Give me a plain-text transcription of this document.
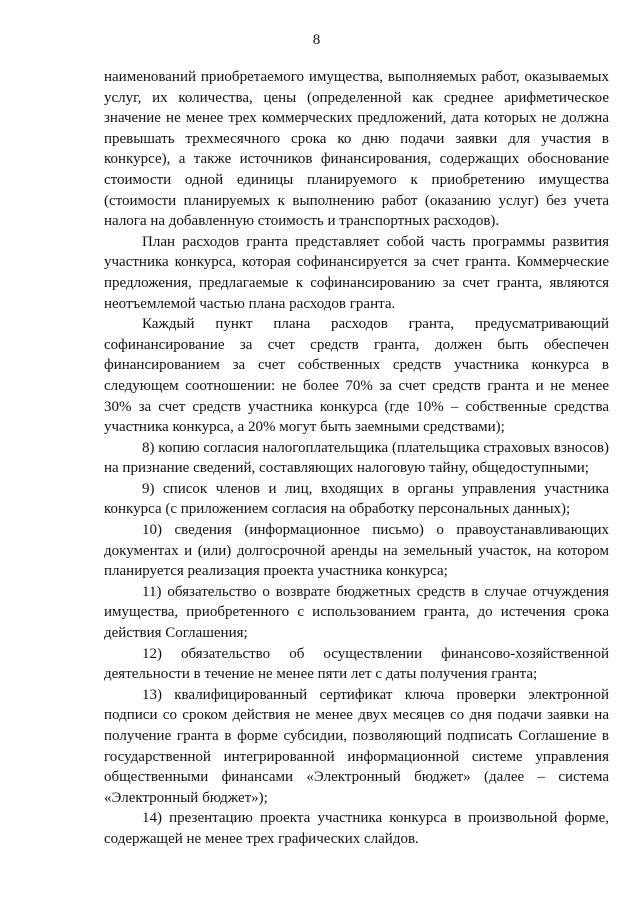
8

наименований приобретаемого имущества, выполняемых работ, оказываемых услуг, их количества, цены (определенной как среднее арифметическое значение не менее трех коммерческих предложений, дата которых не должна превышать трехмесячного срока ко дню подачи заявки для участия в конкурсе), а также источников финансирования, содержащих обоснование стоимости одной единицы планируемого к приобретению имущества (стоимости планируемых к выполнению работ (оказанию услуг) без учета налога на добавленную стоимость и транспортных расходов).

План расходов гранта представляет собой часть программы развития участника конкурса, которая софинансируется за счет гранта. Коммерческие предложения, предлагаемые к софинансированию за счет гранта, являются неотъемлемой частью плана расходов гранта.

Каждый пункт плана расходов гранта, предусматривающий софинансирование за счет средств гранта, должен быть обеспечен финансированием за счет собственных средств участника конкурса в следующем соотношении: не более 70% за счет средств гранта и не менее 30% за счет средств участника конкурса (где 10% – собственные средства участника конкурса, а 20% могут быть заемными средствами);

8) копию согласия налогоплательщика (плательщика страховых взносов) на признание сведений, составляющих налоговую тайну, общедоступными;

9) список членов и лиц, входящих в органы управления участника конкурса (с приложением согласия на обработку персональных данных);

10) сведения (информационное письмо) о правоустанавливающих документах и (или) долгосрочной аренды на земельный участок, на котором планируется реализация проекта участника конкурса;

11) обязательство о возврате бюджетных средств в случае отчуждения имущества, приобретенного с использованием гранта, до истечения срока действия Соглашения;

12) обязательство об осуществлении финансово-хозяйственной деятельности в течение не менее пяти лет с даты получения гранта;

13) квалифицированный сертификат ключа проверки электронной подписи со сроком действия не менее двух месяцев со дня подачи заявки на получение гранта в форме субсидии, позволяющий подписать Соглашение в государственной интегрированной информационной системе управления общественными финансами «Электронный бюджет» (далее – система «Электронный бюджет»);

14) презентацию проекта участника конкурса в произвольной форме, содержащей не менее трех графических слайдов.
